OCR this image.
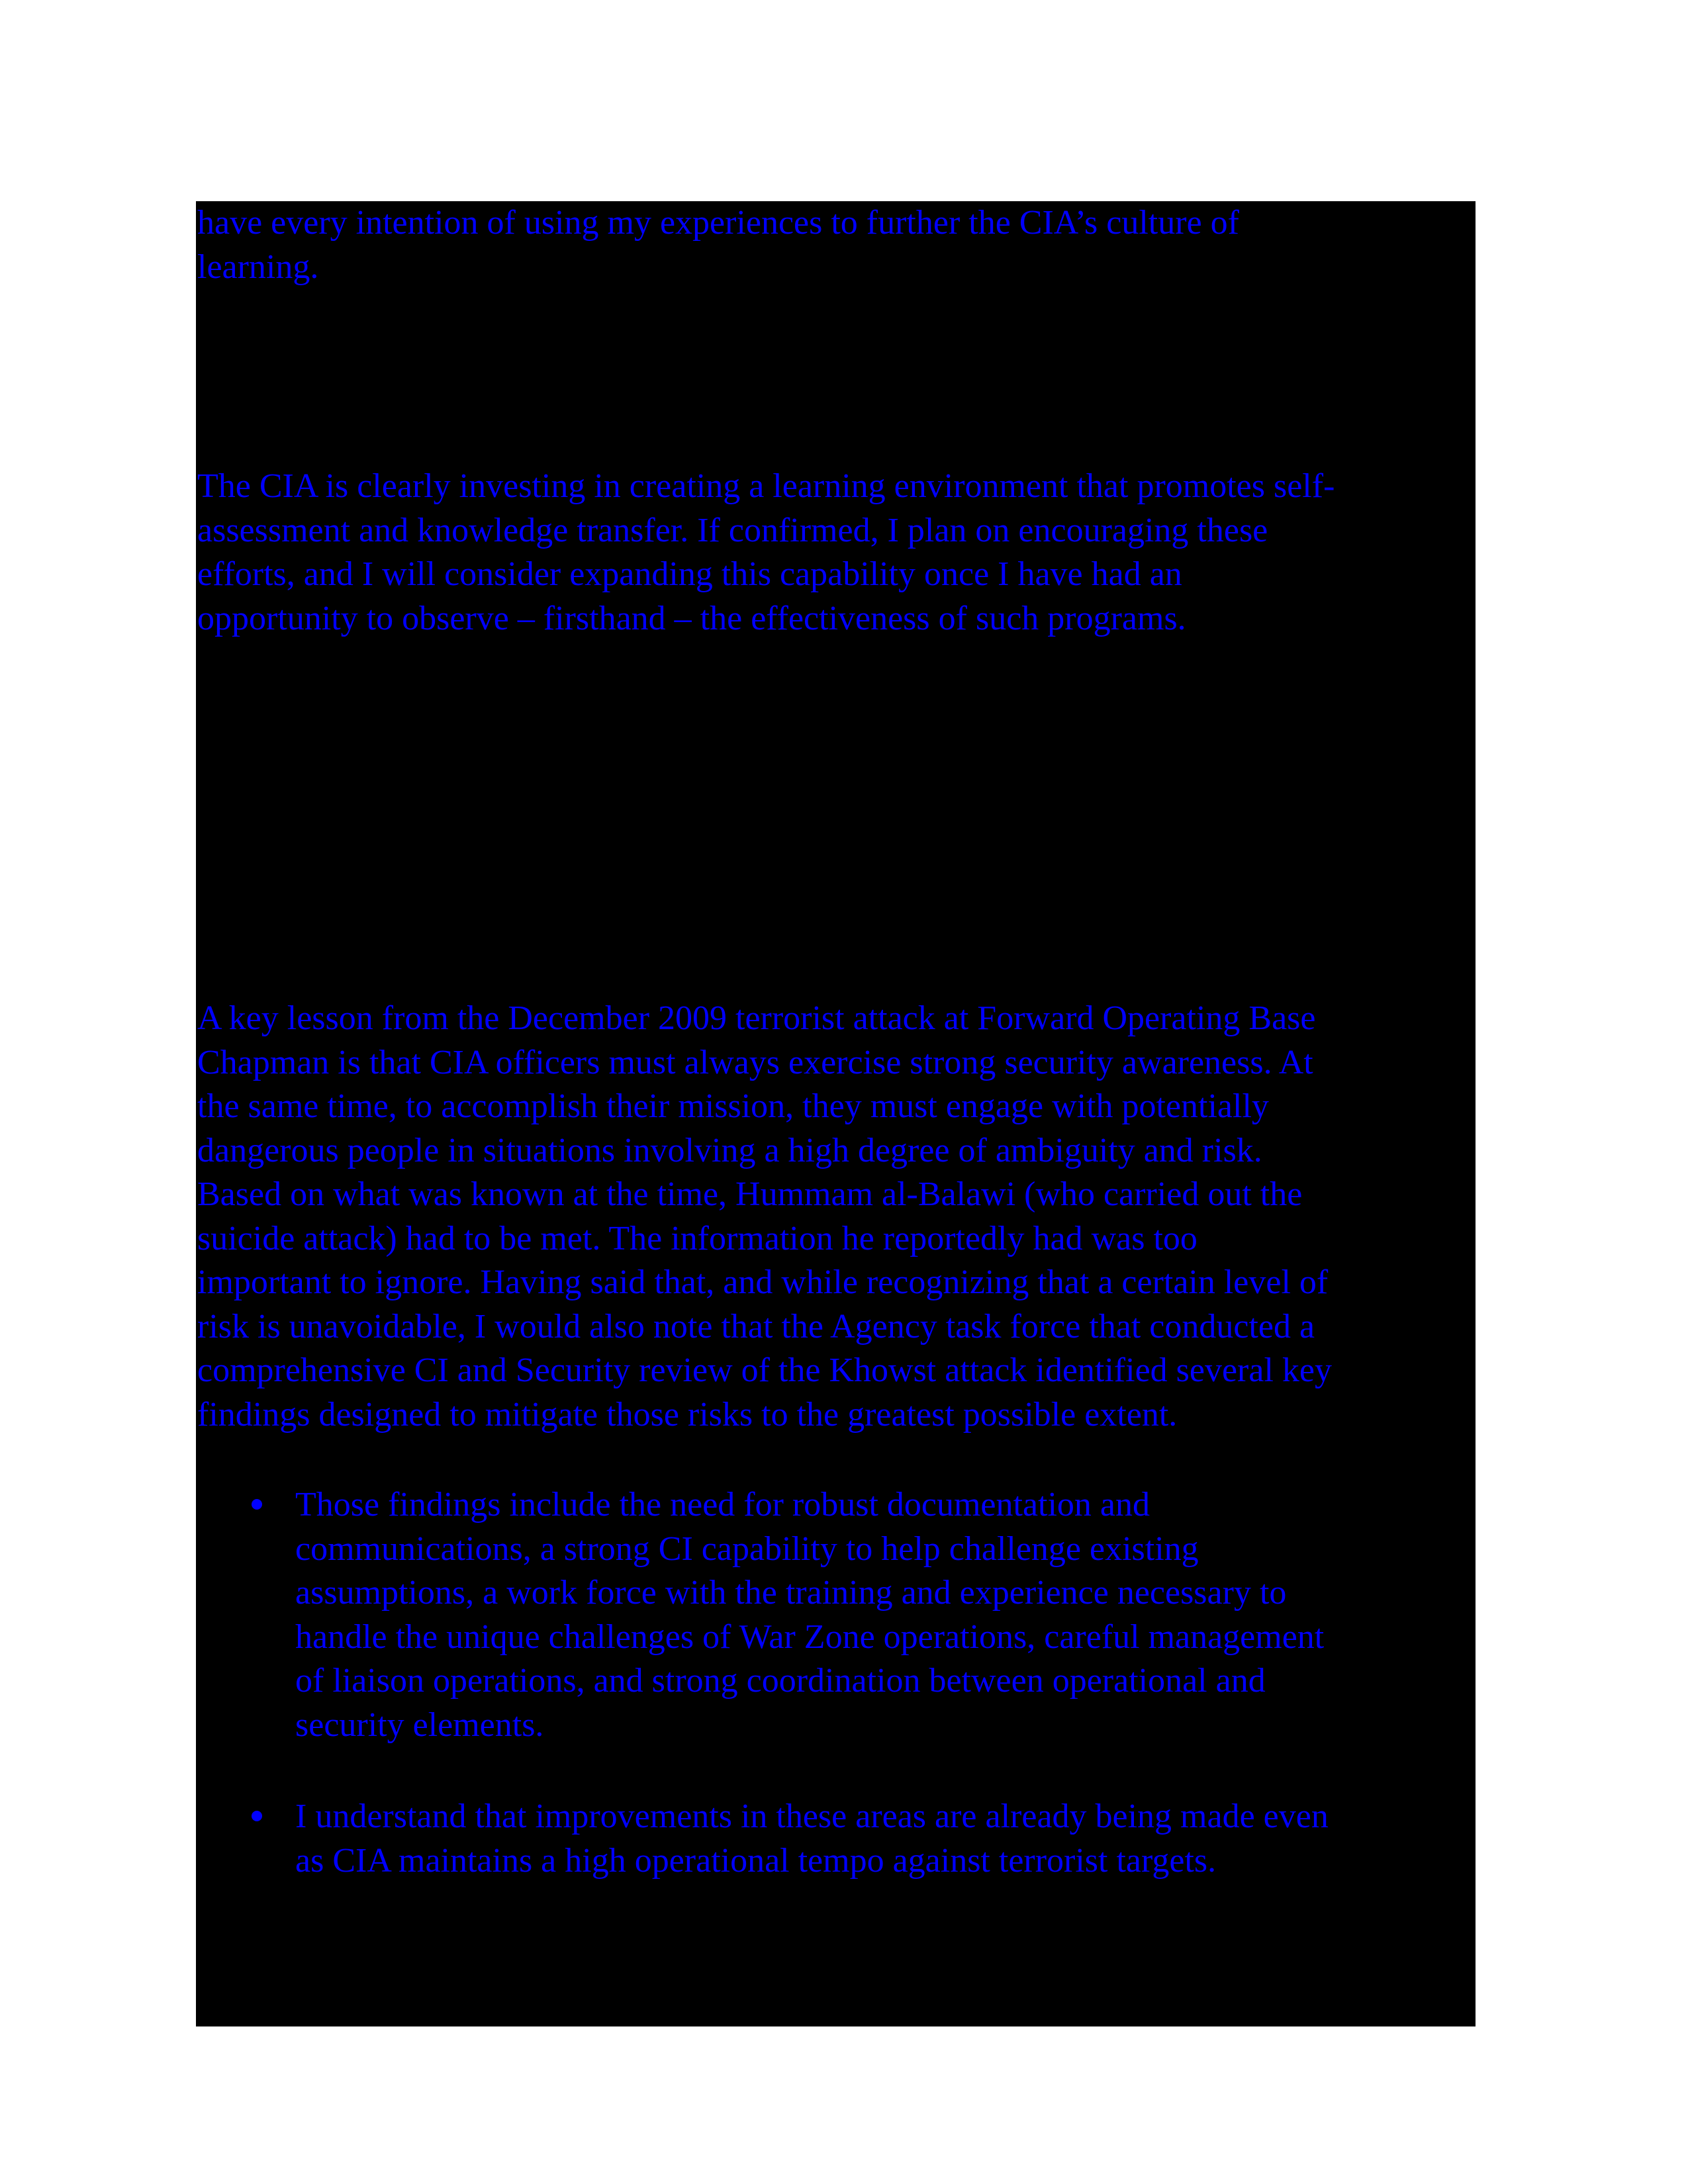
have every intention of using my experiences to further the CIA’s culture of
learning.
The CIA is clearly investing in creating a learning environment that promotes self-
assessment and knowledge transfer. If confirmed, I plan on encouraging these
efforts, and I will consider expanding this capability once I have had an
opportunity to observe – firsthand – the effectiveness of such programs.
A key lesson from the December 2009 terrorist attack at Forward Operating Base
Chapman is that CIA officers must always exercise strong security awareness. At
the same time, to accomplish their mission, they must engage with potentially
dangerous people in situations involving a high degree of ambiguity and risk.
Based on what was known at the time, Hummam al-Balawi (who carried out the
suicide attack) had to be met. The information he reportedly had was too
important to ignore. Having said that, and while recognizing that a certain level of
risk is unavoidable, I would also note that the Agency task force that conducted a
comprehensive CI and Security review of the Khowst attack identified several key
findings designed to mitigate those risks to the greatest possible extent.
Those findings include the need for robust documentation and
communications, a strong CI capability to help challenge existing
assumptions, a work force with the training and experience necessary to
handle the unique challenges of War Zone operations, careful management
of liaison operations, and strong coordination between operational and
security elements.
I understand that improvements in these areas are already being made even
as CIA maintains a high operational tempo against terrorist targets.
